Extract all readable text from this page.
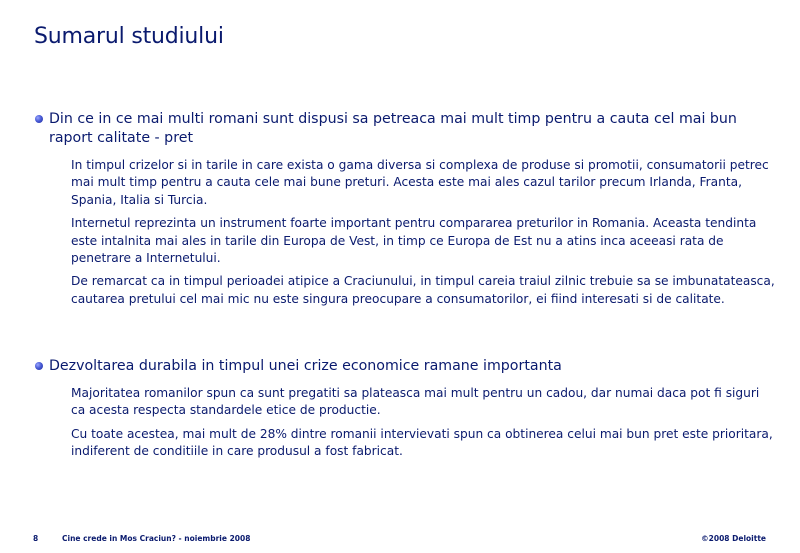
Sumarul studiului
Din ce in ce mai multi romani sunt dispusi sa petreaca mai mult timp pentru a cauta cel mai bun raport calitate - pret
In timpul crizelor si in tarile in care exista o gama diversa si complexa de produse si promotii, consumatorii petrec mai mult timp pentru a cauta cele mai bune preturi. Acesta este mai ales cazul tarilor precum Irlanda, Franta, Spania, Italia si Turcia.
Internetul reprezinta un instrument foarte important pentru compararea preturilor in Romania. Aceasta tendinta este intalnita mai ales in tarile din Europa de Vest, in timp ce Europa de Est nu a atins inca aceeasi rata de penetrare a Internetului.
De remarcat ca in timpul perioadei atipice a Craciunului, in timpul careia traiul zilnic trebuie sa se imbunatateasca, cautarea pretului cel mai mic nu este singura preocupare a consumatorilor, ei fiind interesati si de calitate.
Dezvoltarea durabila in timpul unei crize economice ramane importanta
Majoritatea romanilor spun ca sunt pregatiti sa plateasca mai mult pentru un cadou, dar numai daca pot fi siguri ca acesta respecta standardele etice de productie.
Cu toate acestea, mai mult de 28% dintre romanii intervievati spun ca obtinerea celui mai bun pret este prioritara, indiferent de conditiile in care produsul a fost fabricat.
8	Cine crede in Mos Craciun? - noiembrie 2008	©2008 Deloitte
